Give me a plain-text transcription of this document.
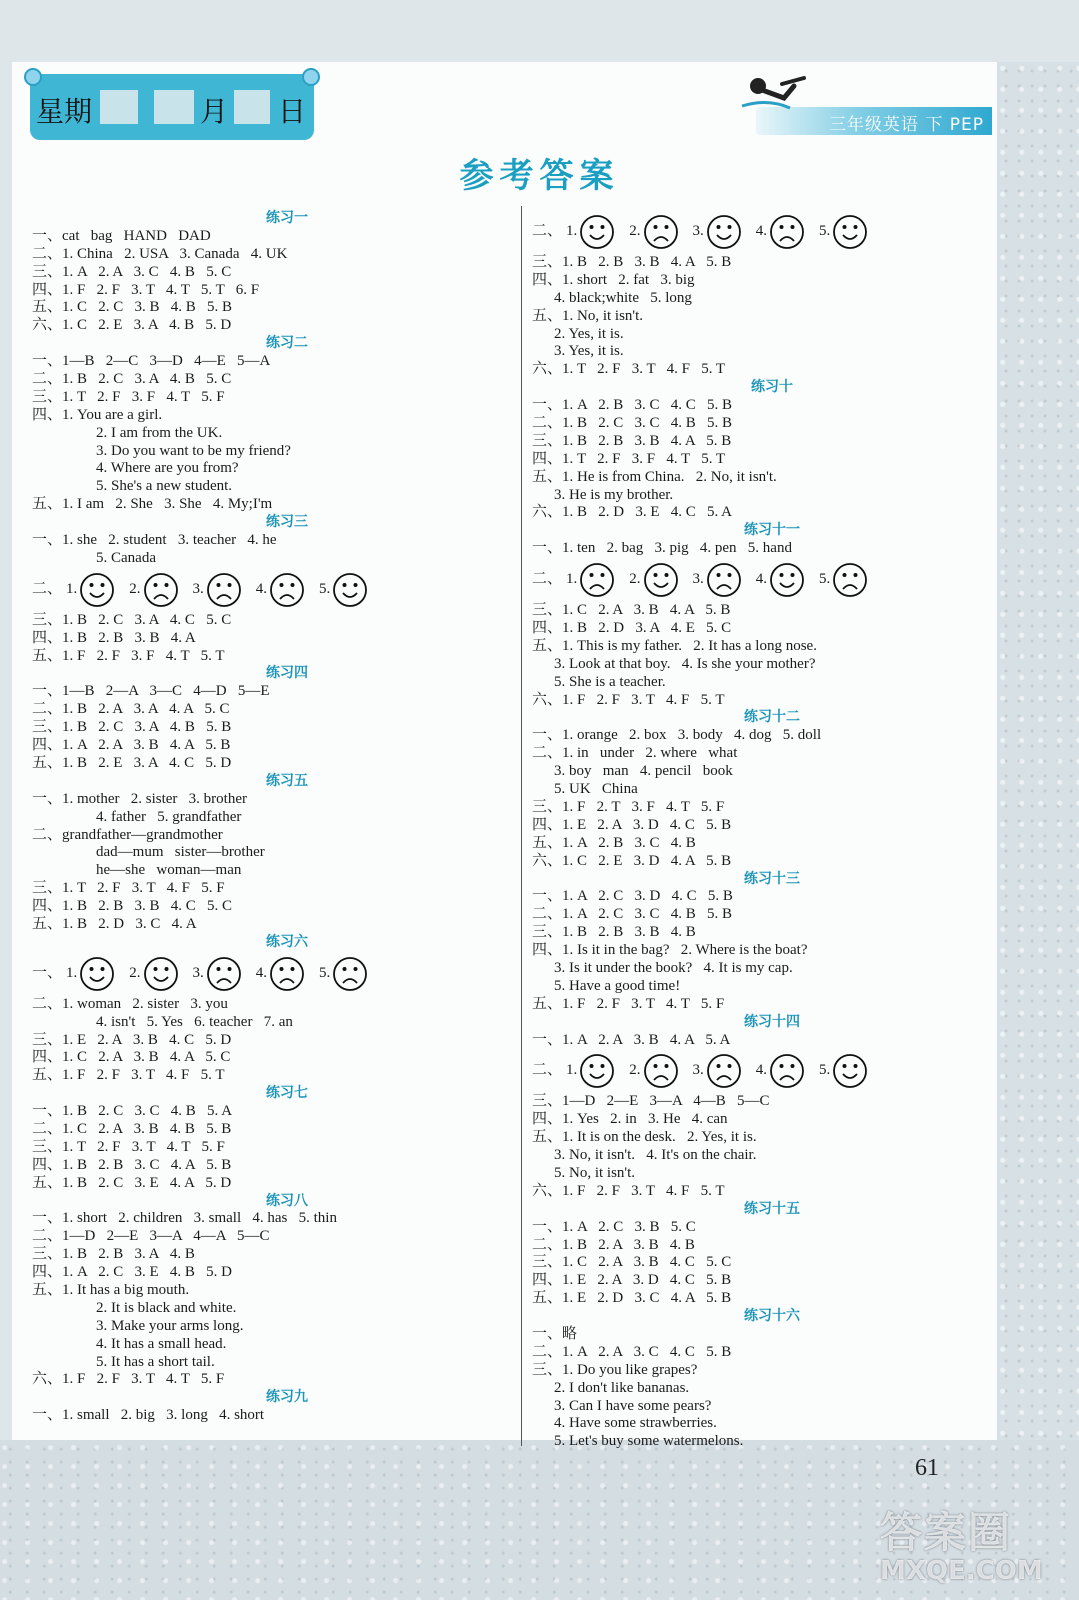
星期	月 日	三年级英语 下 PEP
参考答案
练习一
一、cat   bag   HAND   DAD
二、1. China   2. USA   3. Canada   4. UK
三、1. A   2. A   3. C   4. B   5. C
四、1. F   2. F   3. T   4. T   5. T   6. F
五、1. C   2. C   3. B   4. B   5. B
六、1. C   2. E   3. A   4. B   5. D
练习二
一、1—B   2—C   3—D   4—E   5—A
二、1. B   2. C   3. A   4. B   5. C
三、1. T   2. F   3. F   4. T   5. F
四、1. You are a girl.
2. I am from the UK.
3. Do you want to be my friend?
4. Where are you from?
5. She's a new student.
五、1. I am   2. She   3. She   4. My;I'm
练习三
一、1. she   2. student   3. teacher   4. he
5. Canada
二、 1.	2.	3.	4.	5.
三、1. B   2. C   3. A   4. C   5. C
四、1. B   2. B   3. B   4. A
五、1. F   2. F   3. F   4. T   5. T
练习四
一、1—B   2—A   3—C   4—D   5—E
二、1. B   2. A   3. A   4. A   5. C
三、1. B   2. C   3. A   4. B   5. B
四、1. A   2. A   3. B   4. A   5. B
五、1. B   2. E   3. A   4. C   5. D
练习五
一、1. mother   2. sister   3. brother
4. father   5. grandfather
二、grandfather—grandmother
dad—mum   sister—brother
he—she   woman—man
三、1. T   2. F   3. T   4. F   5. F
四、1. B   2. B   3. B   4. C   5. C
五、1. B   2. D   3. C   4. A
练习六
一、 1.	2.	3.	4.	5.
二、1. woman   2. sister   3. you
4. isn't   5. Yes   6. teacher   7. an
三、1. E   2. A   3. B   4. C   5. D
四、1. C   2. A   3. B   4. A   5. C
五、1. F   2. F   3. T   4. F   5. T
练习七
一、1. B   2. C   3. C   4. B   5. A
二、1. C   2. A   3. B   4. B   5. B
三、1. T   2. F   3. T   4. T   5. F
四、1. B   2. B   3. C   4. A   5. B
五、1. B   2. C   3. E   4. A   5. D
练习八
一、1. short   2. children   3. small   4. has   5. thin
二、1—D   2—E   3—A   4—A   5—C
三、1. B   2. B   3. A   4. B
四、1. A   2. C   3. E   4. B   5. D
五、1. It has a big mouth.
2. It is black and white.
3. Make your arms long.
4. It has a small head.
5. It has a short tail.
六、1. F   2. F   3. T   4. T   5. F
练习九
一、1. small   2. big   3. long   4. short
二、 1.	2.	3.	4.	5.
三、1. B   2. B   3. B   4. A   5. B
四、1. short   2. fat   3. big
4. black;white   5. long
五、1. No, it isn't.
2. Yes, it is.
3. Yes, it is.
六、1. T   2. F   3. T   4. F   5. T
练习十
一、1. A   2. B   3. C   4. C   5. B
二、1. B   2. C   3. C   4. B   5. B
三、1. B   2. B   3. B   4. A   5. B
四、1. T   2. F   3. F   4. T   5. T
五、1. He is from China.   2. No, it isn't.
3. He is my brother.
六、1. B   2. D   3. E   4. C   5. A
练习十一
一、1. ten   2. bag   3. pig   4. pen   5. hand
二、 1.	2.	3.	4.	5.
三、1. C   2. A   3. B   4. A   5. B
四、1. B   2. D   3. A   4. E   5. C
五、1. This is my father.   2. It has a long nose.
3. Look at that boy.   4. Is she your mother?
5. She is a teacher.
六、1. F   2. F   3. T   4. F   5. T
练习十二
一、1. orange   2. box   3. body   4. dog   5. doll
二、1. in   under   2. where   what
3. boy   man   4. pencil   book
5. UK   China
三、1. F   2. T   3. F   4. T   5. F
四、1. E   2. A   3. D   4. C   5. B
五、1. A   2. B   3. C   4. B
六、1. C   2. E   3. D   4. A   5. B
练习十三
一、1. A   2. C   3. D   4. C   5. B
二、1. A   2. C   3. C   4. B   5. B
三、1. B   2. B   3. B   4. B
四、1. Is it in the bag?   2. Where is the boat?
3. Is it under the book?   4. It is my cap.
5. Have a good time!
五、1. F   2. F   3. T   4. T   5. F
练习十四
一、1. A   2. A   3. B   4. A   5. A
二、 1.	2.	3.	4.	5.
三、1—D   2—E   3—A   4—B   5—C
四、1. Yes   2. in   3. He   4. can
五、1. It is on the desk.   2. Yes, it is.
3. No, it isn't.   4. It's on the chair.
5. No, it isn't.
六、1. F   2. F   3. T   4. F   5. T
练习十五
一、1. A   2. C   3. B   5. C
二、1. B   2. A   3. B   4. B
三、1. C   2. A   3. B   4. C   5. C
四、1. E   2. A   3. D   4. C   5. B
五、1. E   2. D   3. C   4. A   5. B
练习十六
一、略
二、1. A   2. A   3. C   4. C   5. B
三、1. Do you like grapes?
2. I don't like bananas.
3. Can I have some pears?
4. Have some strawberries.
5. Let's buy some watermelons.
61
答案圈
MXQE.COM
